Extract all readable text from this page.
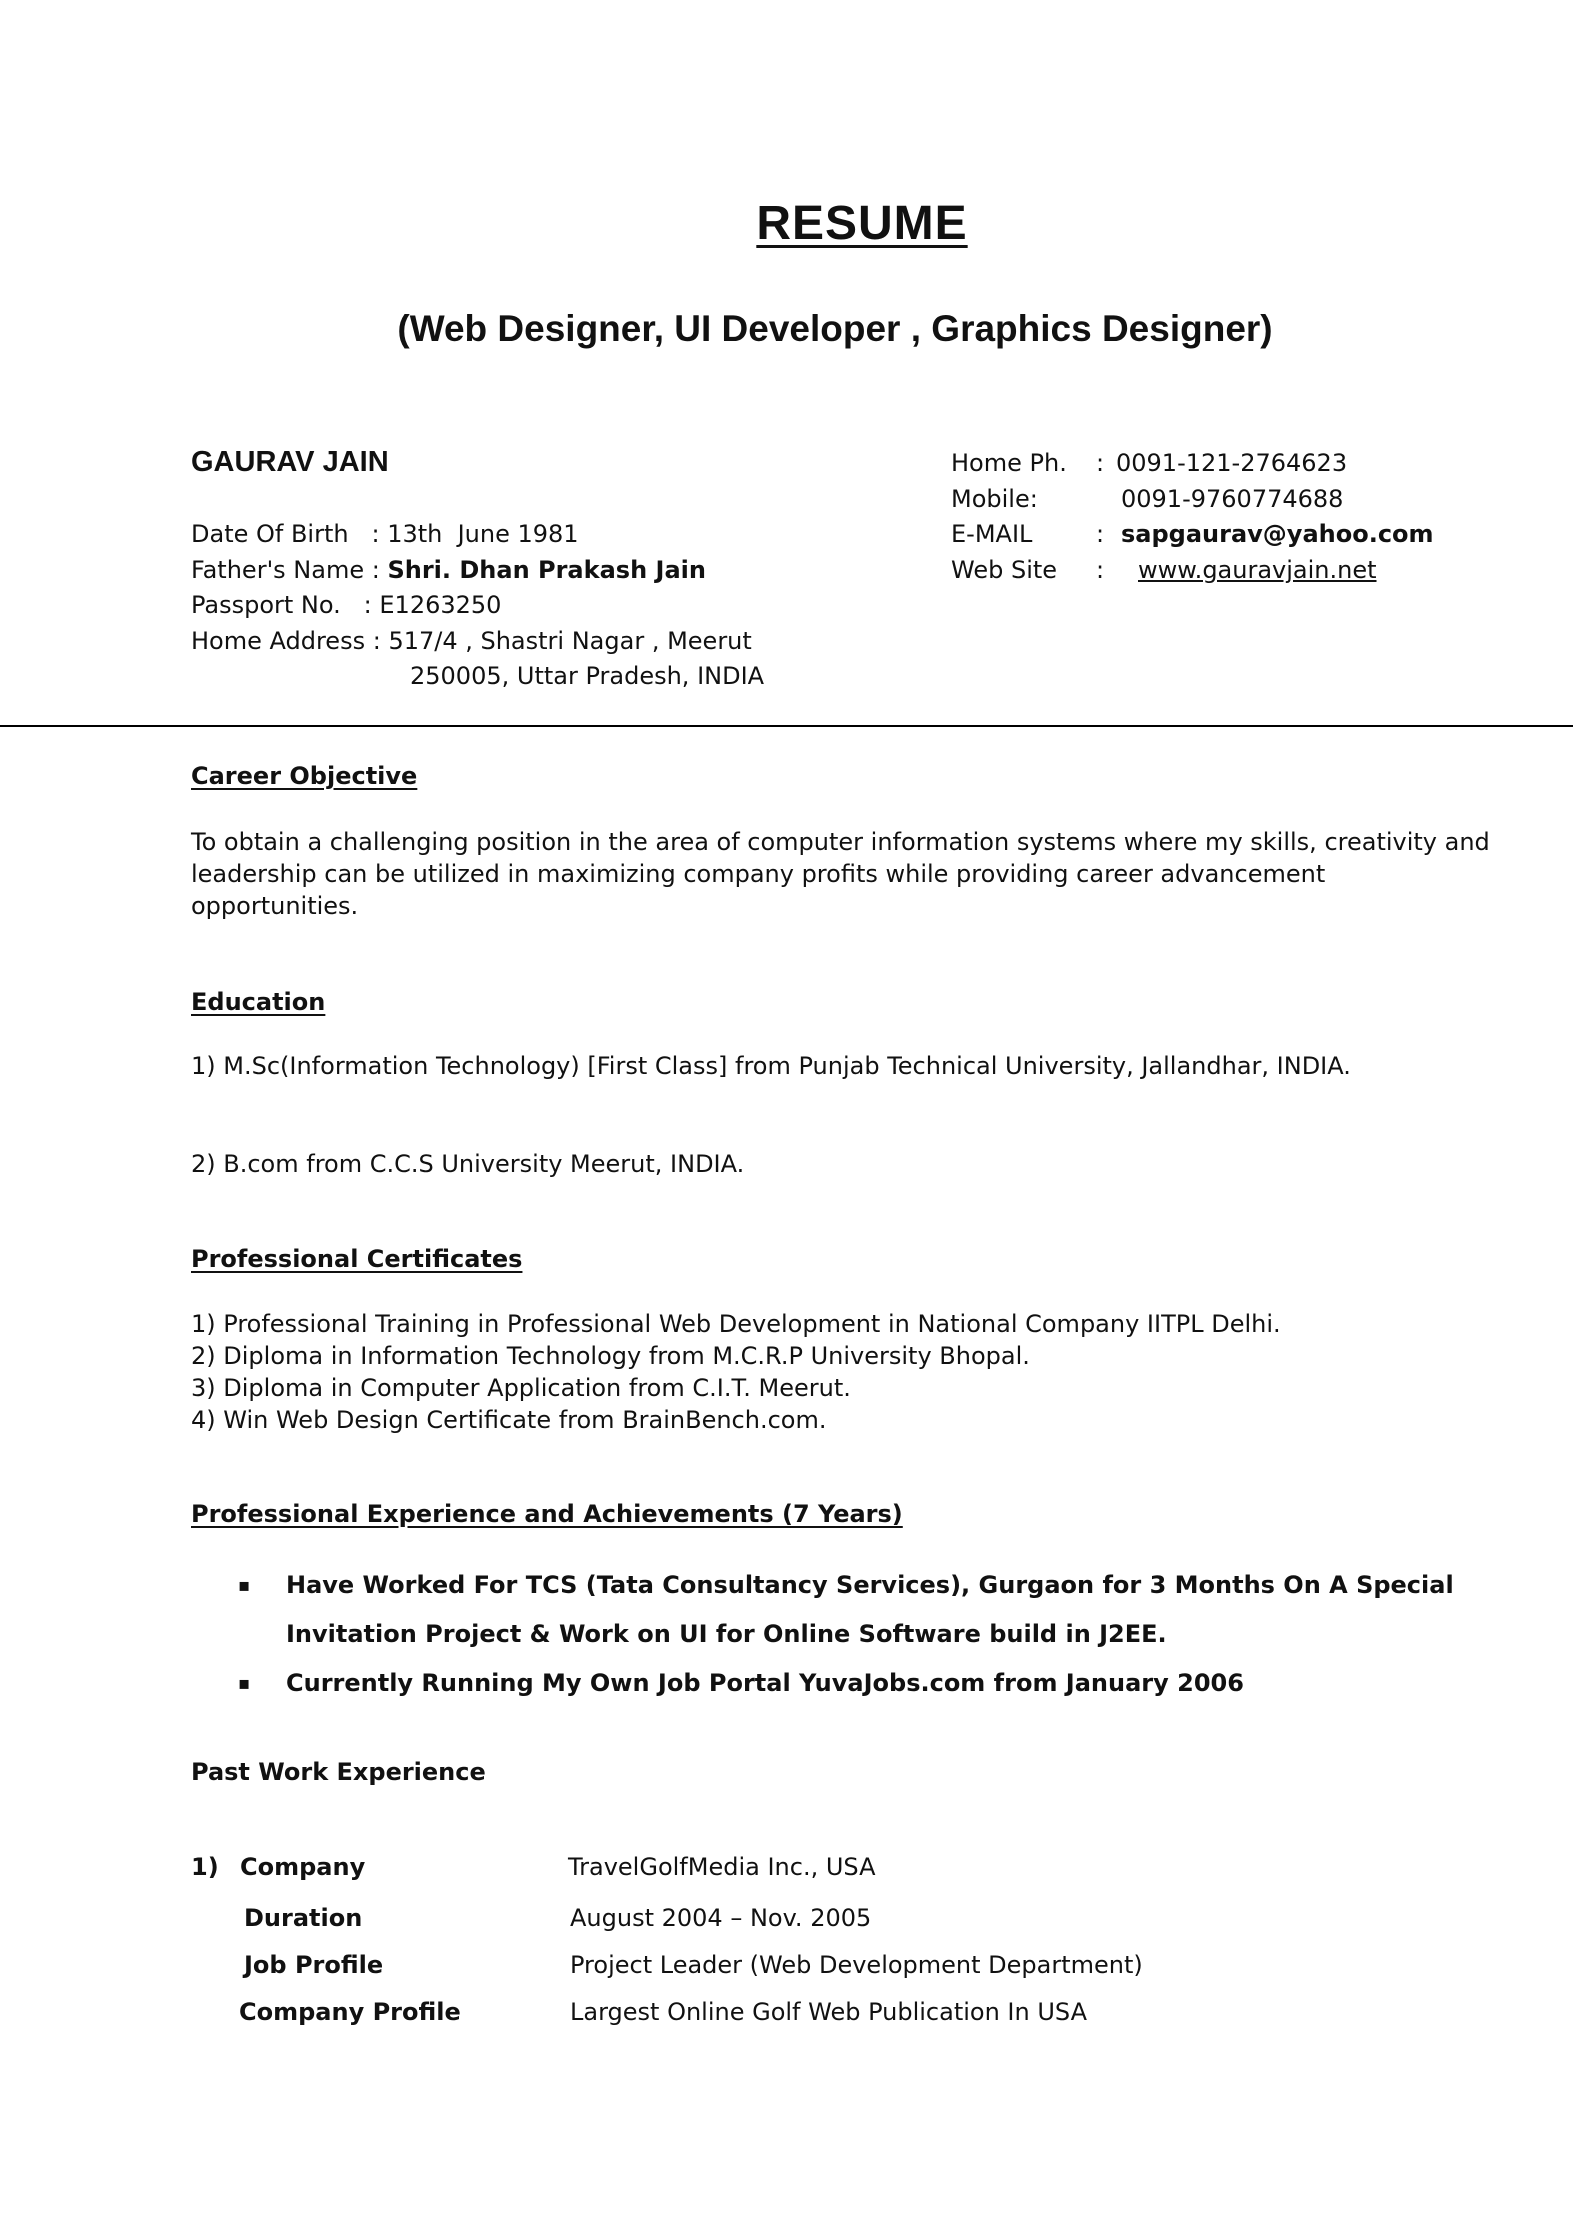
RESUME
(Web Designer, UI Developer , Graphics Designer)
GAURAV JAIN
Date Of Birth   : 13th  June 1981
Father's Name : Shri. Dhan Prakash Jain
Passport No.   : E1263250
Home Address : 517/4 , Shastri Nagar , Meerut
250005, Uttar Pradesh, INDIA
Home Ph. : 0091-121-2764623
Mobile:	0091-9760774688
E-MAIL	: sapgaurav@yahoo.com
Web Site : www.gauravjain.net
Career Objective
To obtain a challenging position in the area of computer information systems where my skills, creativity and leadership can be utilized in maximizing company profits while providing career advancement opportunities.
Education
1) M.Sc(Information Technology) [First Class] from Punjab Technical University, Jallandhar, INDIA.
2) B.com from C.C.S University Meerut, INDIA.
Professional Certificates
1) Professional Training in Professional Web Development in National Company IITPL Delhi.
2) Diploma in Information Technology from M.C.R.P University Bhopal.
3) Diploma in Computer Application from C.I.T. Meerut.
4) Win Web Design Certificate from BrainBench.com.
Professional Experience and Achievements (7 Years)
▪ Have Worked For TCS (Tata Consultancy Services), Gurgaon for 3 Months On A Special Invitation Project & Work on UI for Online Software build in J2EE.
▪ Currently Running My Own Job Portal YuvaJobs.com from January 2006
Past Work Experience
1) Company	TravelGolfMedia Inc., USA
Duration	August 2004 – Nov. 2005
Job Profile	Project Leader (Web Development Department)
Company Profile	Largest Online Golf Web Publication In USA
